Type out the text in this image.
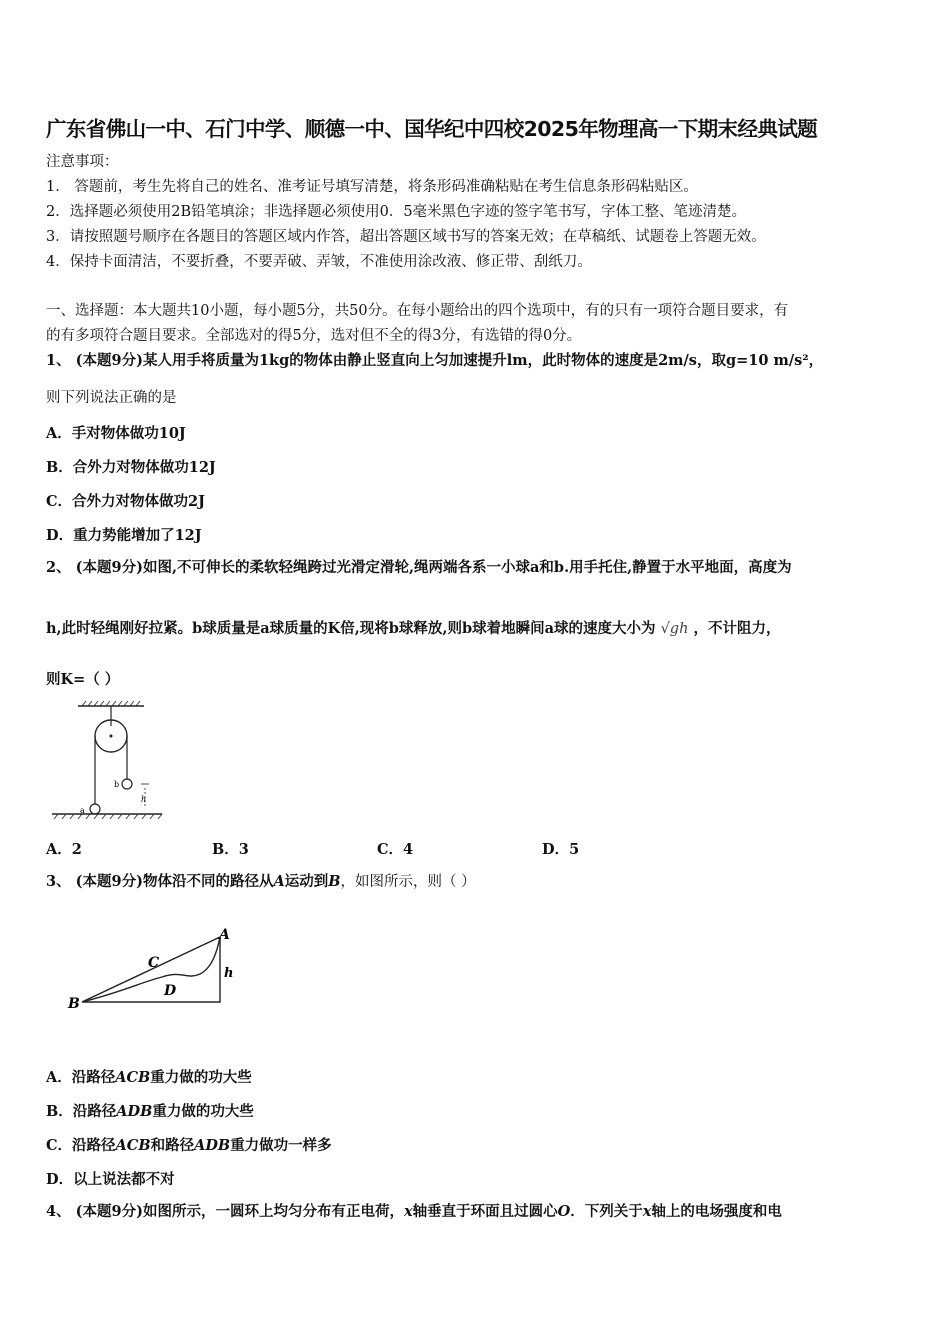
广东省佛山一中、石门中学、顺德一中、国华纪中四校2025年物理高一下期末经典试题
注意事项：
1． 答题前，考生先将自己的姓名、准考证号填写清楚，将条形码准确粘贴在考生信息条形码粘贴区。
2．选择题必须使用2B铅笔填涂；非选择题必须使用0．5毫米黑色字迹的签字笔书写，字体工整、笔迹清楚。
3．请按照题号顺序在各题目的答题区域内作答，超出答题区域书写的答案无效；在草稿纸、试题卷上答题无效。
4．保持卡面清洁，不要折叠，不要弄破、弄皱，不准使用涂改液、修正带、刮纸刀。
一、选择题：本大题共10小题，每小题5分，共50分。在每小题给出的四个选项中，有的只有一项符合题目要求，有
的有多项符合题目要求。全部选对的得5分，选对但不全的得3分，有选错的得0分。
1、 (本题9分)某人用手将质量为1kg的物体由静止竖直向上匀加速提升lm，此时物体的速度是2m/s，取g=10 m/s²，
则下列说法正确的是
A．手对物体做功10J
B．合外力对物体做功12J
C．合外力对物体做功2J
D．重力势能增加了12J
2、 (本题9分)如图,不可伸长的柔软轻绳跨过光滑定滑轮,绳两端各系一小球a和b.用手托住,静置于水平地面，高度为
h,此时轻绳刚好拉紧。b球质量是a球质量的K倍,现将b球释放,则b球着地瞬间a球的速度大小为 √gh ，不计阻力，
则K=（ ）
b
h
a
A．2	B．3	C．4	D．5
3、 (本题9分)物体沿不同的路径从A运动到B，如图所示，则（ ）
A
B
C
D
h
A．沿路径ACB重力做的功大些
B．沿路径ADB重力做的功大些
C．沿路径ACB和路径ADB重力做功一样多
D．以上说法都不对
4、 (本题9分)如图所示，一圆环上均匀分布有正电荷，x轴垂直于环面且过圆心O．下列关于x轴上的电场强度和电
